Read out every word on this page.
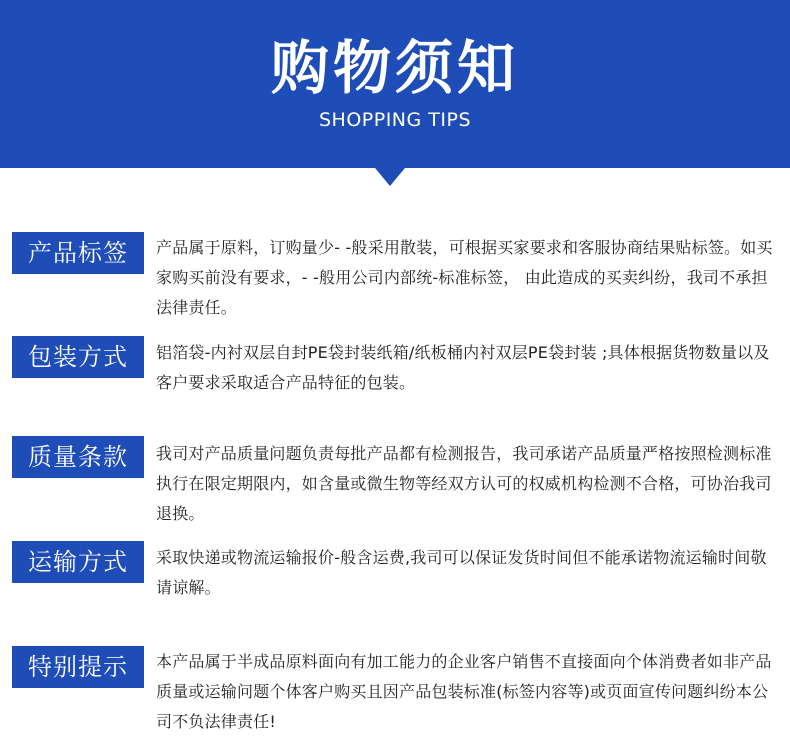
购物须知
SHOPPING TIPS
产品标签	产品属于原料，订购量少- -般采用散装，可根据买家要求和客服协商结果贴标签。如买家购买前没有要求，- -般用公司内部统-标准标签， 由此造成的买卖纠纷，我司不承担法律责任。
包装方式	铝箔袋-内衬双层自封PE袋封装纸箱/纸板桶内衬双层PE袋封装 ;具体根据货物数量以及客户要求采取适合产品特征的包装。
质量条款	我司对产品质量问题负责每批产品都有检测报告，我司承诺产品质量严格按照检测标准执行在限定期限内，如含量或微生物等经双方认可的权威机构检测不合格，可协治我司退换。
运输方式	采取快递或物流运输报价-般含运费,我司可以保证发货时间但不能承诺物流运输时间敬请谅解。
特别提示	本产品属于半成品原料面向有加工能力的企业客户销售不直接面向个体消费者如非产品质量或运输问题个体客户购买且因产品包装标准(标签内容等)或页面宣传问题纠纷本公司不负法律责任!
